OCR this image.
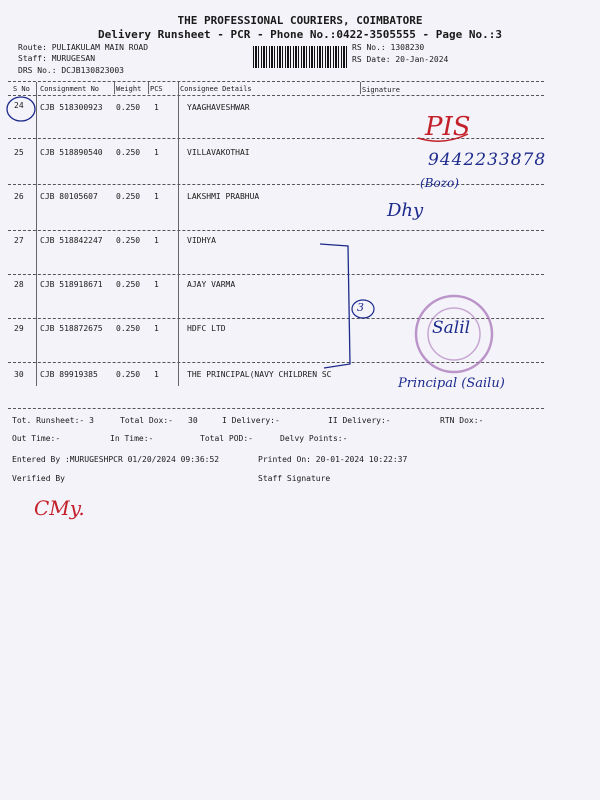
THE PROFESSIONAL COURIERS, COIMBATORE
Delivery Runsheet - PCR - Phone No.:0422-3505555 - Page No.:3
Route: PULIAKULAM MAIN ROAD
Staff: MURUGESAN
DRS No.: DCJB130823003
RS No.: 1308230
RS Date: 20-Jan-2024
S No Consignment No Weight PCS Consignee Details	Signature
24 CJB 518300923 0.250 1	YAAGHAVESHWAR
25 CJB 518890540 0.250 1	VILLAVAKOTHAI
26 CJB 80105607 0.250 1	LAKSHMI PRABHUA
27 CJB 518842247 0.250 1	VIDHYA
28 CJB 518918671 0.250 1	AJAY VARMA
29 CJB 518872675 0.250 1	HDFC LTD
30 CJB 89919385 0.250 1	THE PRINCIPAL(NAVY CHILDREN SC
Tot. Runsheet:- 3	Total Dox:- 30	I Delivery:-	II Delivery:-	RTN Dox:-
Out Time:-	In Time:-	Total POD:-	Delvy Points:-
Entered By :MURUGESHPCR 01/20/2024 09:36:52	Printed On: 20-01-2024 10:22:37
Verified By	Staff Signature
PIS
9442233878
(Bozo)
Dhy
3
Salil
Principal (Sailu)
CMy.
